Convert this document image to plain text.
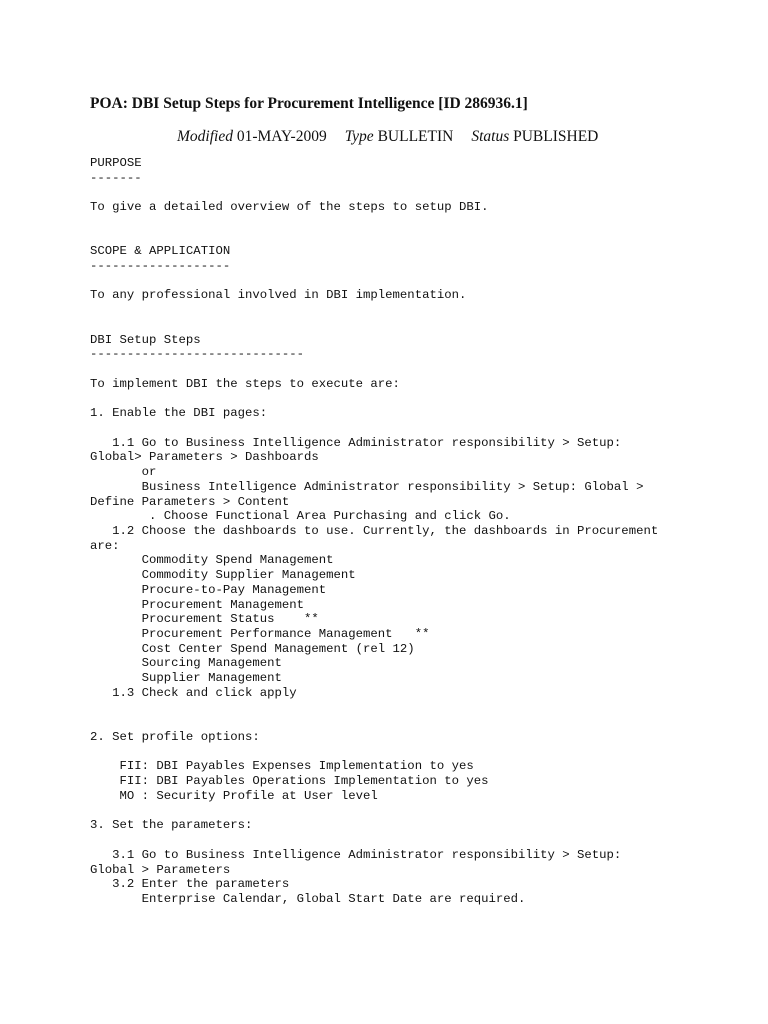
POA: DBI Setup Steps for Procurement Intelligence [ID 286936.1]
Modified 01-MAY-2009 Type BULLETIN Status PUBLISHED
PURPOSE
-------
To give a detailed overview of the steps to setup DBI.
SCOPE & APPLICATION
-------------------
To any professional involved in DBI implementation.
DBI Setup Steps
-----------------------------
To implement DBI the steps to execute are:
1. Enable the DBI pages:
1.1 Go to Business Intelligence Administrator responsibility > Setup:
Global> Parameters > Dashboards
or
Business Intelligence Administrator responsibility > Setup: Global >
Define Parameters > Content
. Choose Functional Area Purchasing and click Go.
1.2 Choose the dashboards to use. Currently, the dashboards in Procurement
are:
Commodity Spend Management
Commodity Supplier Management
Procure-to-Pay Management
Procurement Management
Procurement Status    **
Procurement Performance Management   **
Cost Center Spend Management (rel 12)
Sourcing Management
Supplier Management
1.3 Check and click apply
2. Set profile options:
FII: DBI Payables Expenses Implementation to yes
FII: DBI Payables Operations Implementation to yes
MO : Security Profile at User level
3. Set the parameters:
3.1 Go to Business Intelligence Administrator responsibility > Setup:
Global > Parameters
3.2 Enter the parameters
Enterprise Calendar, Global Start Date are required.
